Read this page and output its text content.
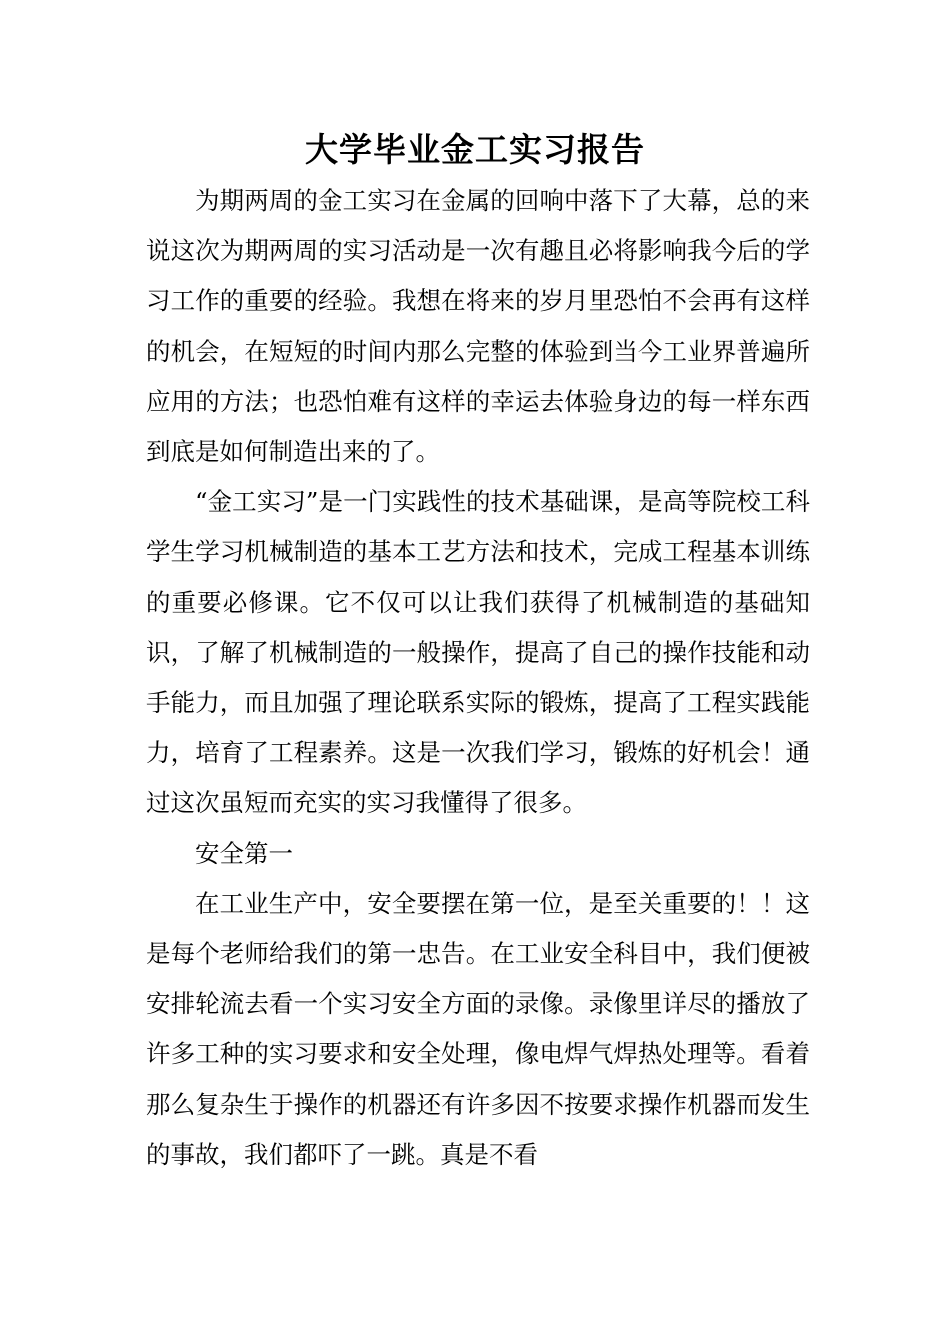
大学毕业金工实习报告

为期两周的金工实习在金属的回响中落下了大幕，总的来说这次为期两周的实习活动是一次有趣且必将影响我今后的学习工作的重要的经验。我想在将来的岁月里恐怕不会再有这样的机会，在短短的时间内那么完整的体验到当今工业界普遍所应用的方法；也恐怕难有这样的幸运去体验身边的每一样东西到底是如何制造出来的了。

“金工实习”是一门实践性的技术基础课，是高等院校工科学生学习机械制造的基本工艺方法和技术，完成工程基本训练的重要必修课。它不仅可以让我们获得了机械制造的基础知识，了解了机械制造的一般操作，提高了自己的操作技能和动手能力，而且加强了理论联系实际的锻炼，提高了工程实践能力，培育了工程素养。这是一次我们学习，锻炼的好机会！通过这次虽短而充实的实习我懂得了很多。

安全第一

在工业生产中，安全要摆在第一位，是至关重要的！！这是每个老师给我们的第一忠告。在工业安全科目中，我们便被安排轮流去看一个实习安全方面的录像。录像里详尽的播放了许多工种的实习要求和安全处理，像电焊气焊热处理等。看着那么复杂生于操作的机器还有许多因不按要求操作机器而发生的事故，我们都吓了一跳。真是不看
